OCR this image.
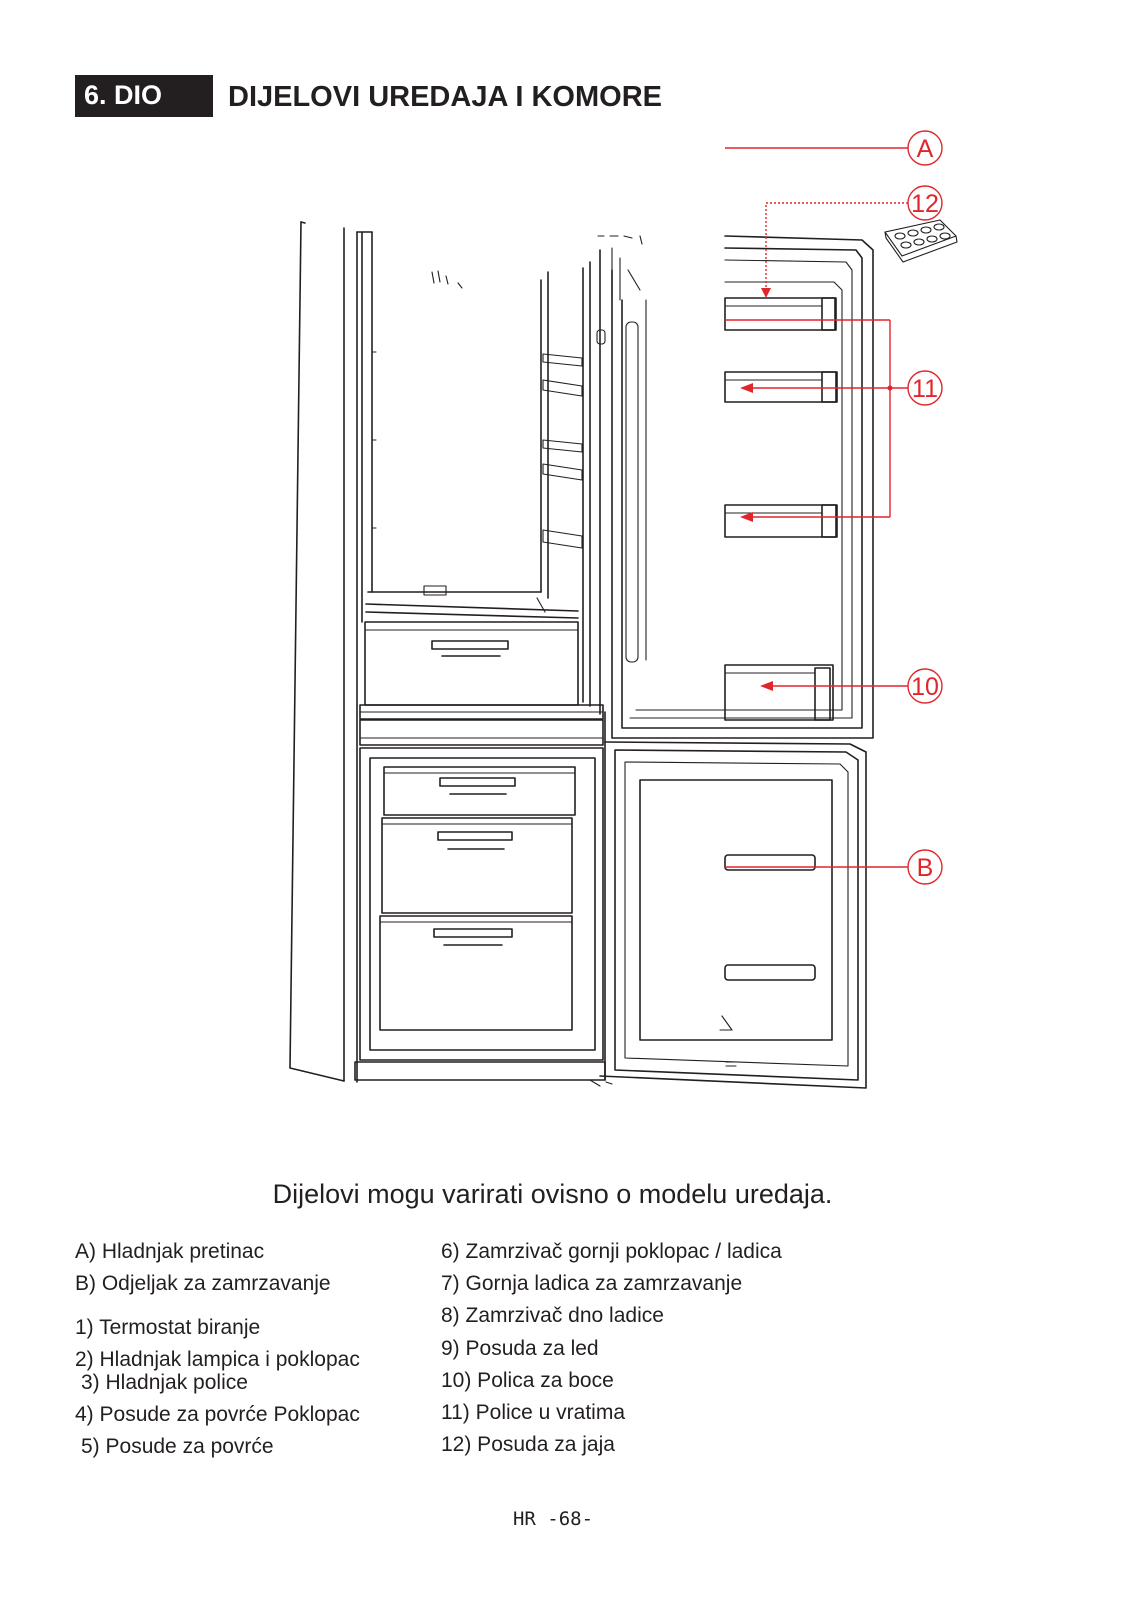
6. DIO DIJELOVI UREDAJA I KOMORE
A
12
11
10
B
Dijelovi mogu varirati ovisno o modelu uredaja.
A) Hladnjak pretinac
B) Odjeljak za zamrzavanje
1) Termostat biranje
2) Hladnjak lampica i poklopac
3) Hladnjak police
4) Posude za povrće Poklopac
5) Posude za povrće
6) Zamrzivač gornji poklopac / ladica
7) Gornja ladica za zamrzavanje
8) Zamrzivač dno ladice
9) Posuda za led
10) Polica za boce
11) Police u vratima
12) Posuda za jaja
HR -68-
